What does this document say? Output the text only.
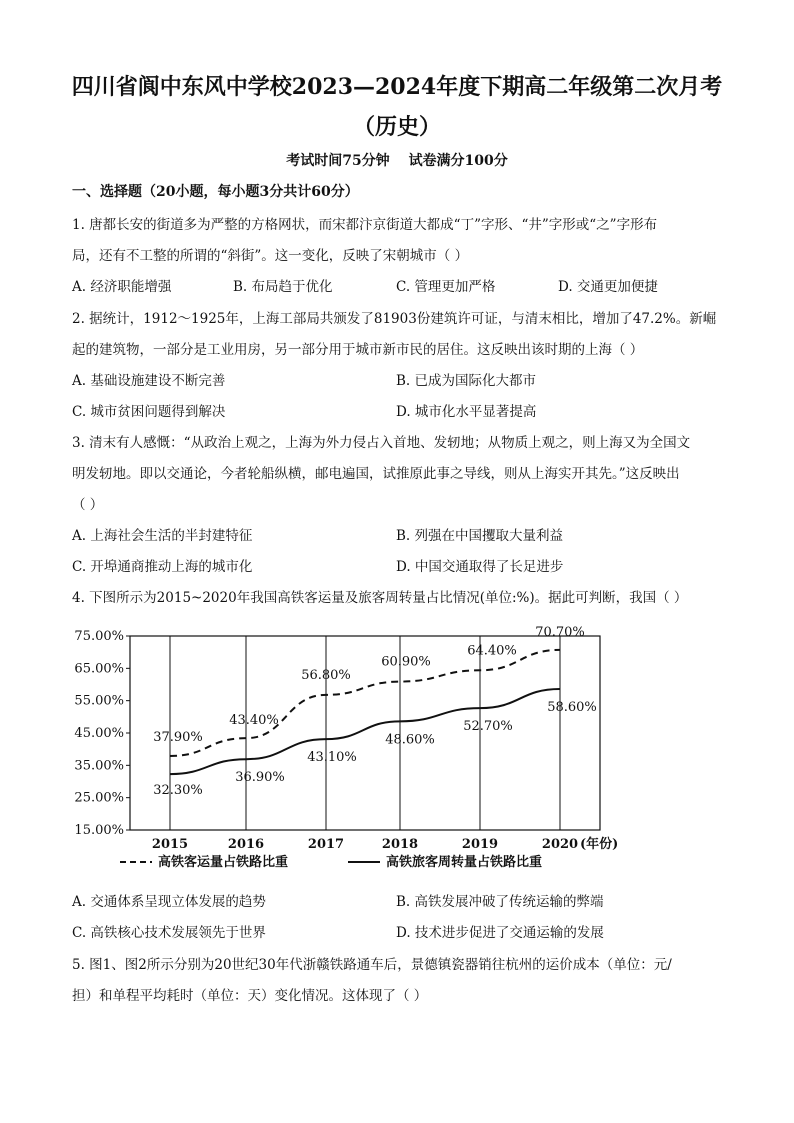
四川省阆中东风中学校2023—2024年度下期高二年级第二次月考
（历史）
考试时间75分钟 试卷满分100分
一、选择题（20小题，每小题3分共计60分）
1. 唐都长安的街道多为严整的方格网状，而宋都汴京街道大都成“丁”字形、“井”字形或“之”字形布
局，还有不工整的所谓的“斜街”。这一变化，反映了宋朝城市（ ）
A. 经济职能增强	B. 布局趋于优化	C. 管理更加严格	D. 交通更加便捷
2. 据统计，1912～1925年，上海工部局共颁发了81903份建筑许可证，与清末相比，增加了47.2%。新崛
起的建筑物，一部分是工业用房，另一部分用于城市新市民的居住。这反映出该时期的上海（ ）
A. 基础设施建设不断完善	B. 已成为国际化大都市
C. 城市贫困问题得到解决	D. 城市化水平显著提高
3. 清末有人感慨：“从政治上观之，上海为外力侵占入首地、发轫地；从物质上观之，则上海又为全国文
明发轫地。即以交通论，今者轮船纵横，邮电遍国，试推原此事之导线，则从上海实开其先。”这反映出
（ ）
A. 上海社会生活的半封建特征	B. 列强在中国攫取大量利益
C. 开埠通商推动上海的城市化	D. 中国交通取得了长足进步
4. 下图所示为2015~2020年我国高铁客运量及旅客周转量占比情况(单位:%)。据此可判断，我国（ ）
15.00%
25.00%
35.00%
45.00%
55.00%
65.00%
75.00%
2015	2016	2017	2018	2019	2020 (年份)
37.90%
43.40%
56.80%
60.90%
64.40%
70.70%
32.30%
36.90%
43.10%
48.60%
52.70%
58.60%
高铁客运量占铁路比重	高铁旅客周转量占铁路比重
A. 交通体系呈现立体发展的趋势	B. 高铁发展冲破了传统运输的弊端
C. 高铁核心技术发展领先于世界	D. 技术进步促进了交通运输的发展
5. 图1、图2所示分别为20世纪30年代浙赣铁路通车后，景德镇瓷器销往杭州的运价成本（单位：元/
担）和单程平均耗时（单位：天）变化情况。这体现了（ ）
